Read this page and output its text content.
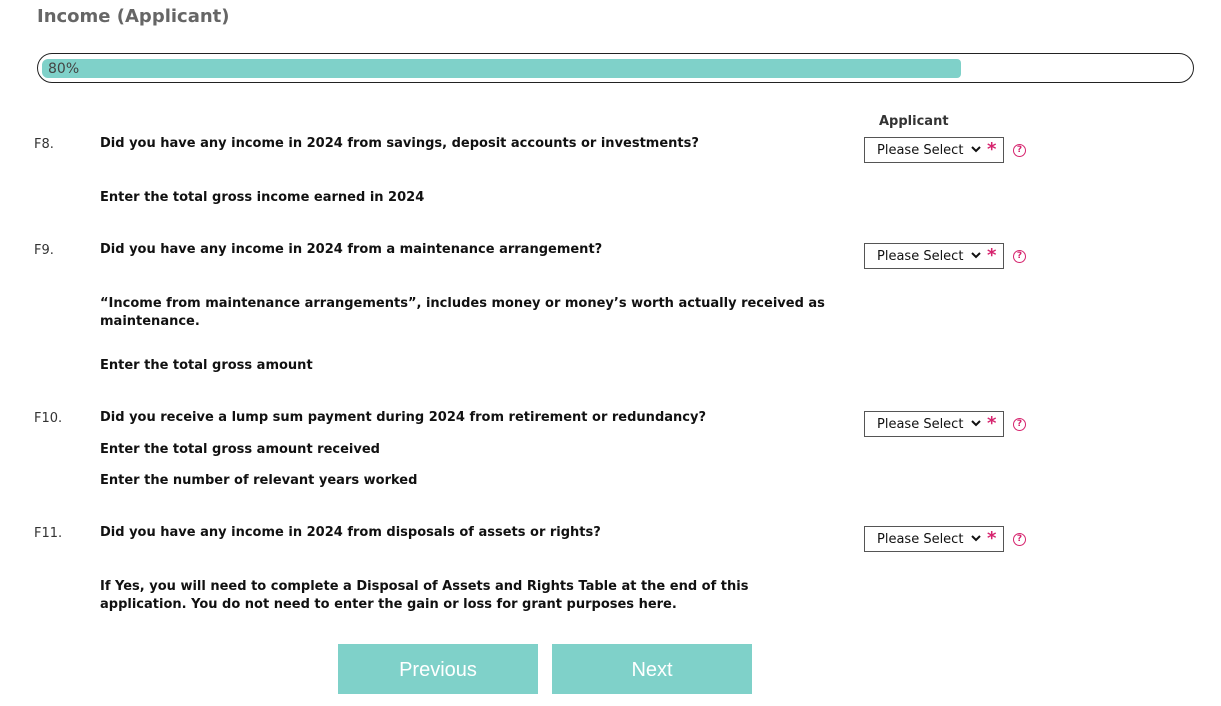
Income (Applicant)
80%
Applicant
F8.	Did you have any income in 2024 from savings, deposit accounts or investments?
Enter the total gross income earned in 2024
Please Select *	?
F9.	Did you have any income in 2024 from a maintenance arrangement?
“Income from maintenance arrangements”, includes money or money’s worth actually received as maintenance.
Enter the total gross amount
Please Select *	?
F10.	Did you receive a lump sum payment during 2024 from retirement or redundancy?
Enter the total gross amount received
Enter the number of relevant years worked
Please Select *	?
F11.	Did you have any income in 2024 from disposals of assets or rights?
If Yes, you will need to complete a Disposal of Assets and Rights Table at the end of this application. You do not need to enter the gain or loss for grant purposes here.
Please Select *	?
Previous	Next
